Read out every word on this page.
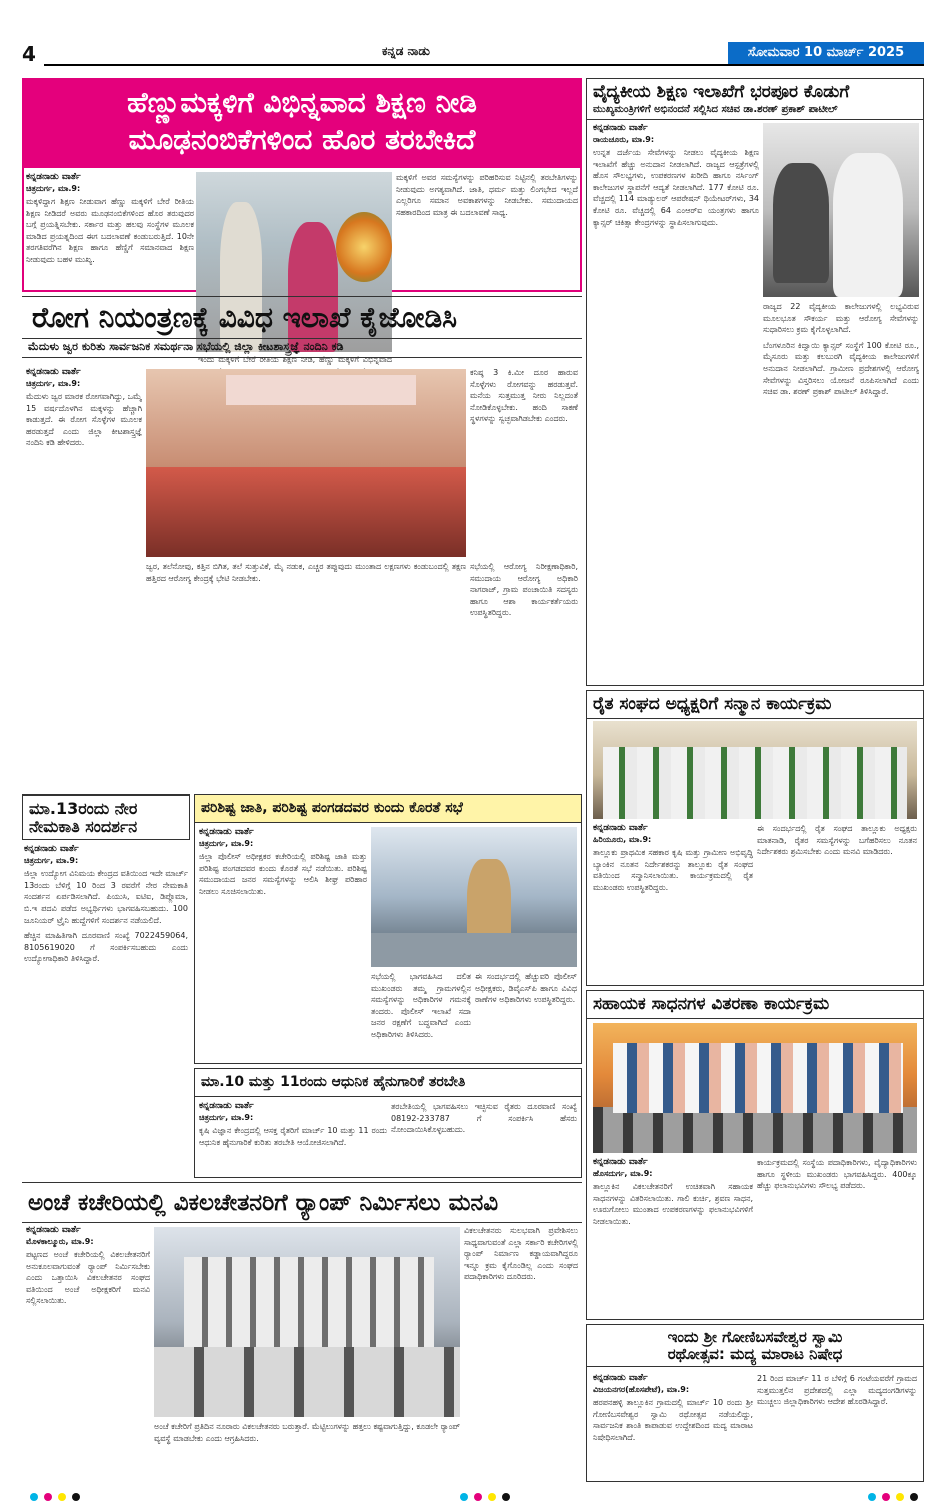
4	ಕನ್ನಡ ನಾಡು	ಸೋಮವಾರ 10 ಮಾರ್ಚ್ 2025
ಹೆಣ್ಣುಮಕ್ಕಳಿಗೆ ವಿಭಿನ್ನವಾದ ಶಿಕ್ಷಣ ನೀಡಿ
ಮೂಢನಂಬಿಕೆಗಳಿಂದ ಹೊರ ತರಬೇಕಿದೆ
ಕನ್ನಡನಾಡು ವಾರ್ತೆ
ಚಿತ್ರದುರ್ಗ, ಮಾ.9:
ಮಕ್ಕಳಿದ್ದಾಗ ಶಿಕ್ಷಣ ನೀಡುವಾಗ ಹೆಣ್ಣು ಮಕ್ಕಳಿಗೆ ಬೇರೆ ರೀತಿಯ ಶಿಕ್ಷಣ ನೀಡಿದರೆ ಅವರು ಮೂಢನಂಬಿಕೆಗಳಿಂದ ಹೊರ ತರುವುದರ ಬಗ್ಗೆ ಪ್ರಯತ್ನಿಸಬೇಕು. ಸರ್ಕಾರ ಮತ್ತು ಹಲವು ಸಂಸ್ಥೆಗಳ ಮೂಲಕ ಮಾಡಿದ ಪ್ರಯತ್ನದಿಂದ ಈಗ ಬದಲಾವಣೆ ಕಂಡುಬರುತ್ತಿದೆ. 10ನೇ ತರಗತಿವರೆಗಿನ ಶಿಕ್ಷಣ ಹಾಗೂ ಹೆಣ್ಣಿಗೆ ಸಮಾನವಾದ ಶಿಕ್ಷಣ ನೀಡುವುದು ಬಹಳ ಮುಖ್ಯ.
ಇಂದು ಮಕ್ಕಳಿಗೆ ಬೇರೆ ರೀತಿಯ ಶಿಕ್ಷಣ ನೀಡಿ, ಹೆಣ್ಣು ಮಕ್ಕಳಿಗೆ ವಿಭಿನ್ನವಾದ
ಮಕ್ಕಳಿಗೆ ಅವರ ಸಮಸ್ಯೆಗಳನ್ನು ಪರಿಹರಿಸುವ ನಿಟ್ಟಿನಲ್ಲಿ ತರಬೇತಿಗಳನ್ನು ನೀಡುವುದು ಅಗತ್ಯವಾಗಿದೆ. ಜಾತಿ, ಧರ್ಮ ಮತ್ತು ಲಿಂಗಭೇದ ಇಲ್ಲದೆ ಎಲ್ಲರಿಗೂ ಸಮಾನ ಅವಕಾಶಗಳನ್ನು ನೀಡಬೇಕು. ಸಮುದಾಯದ ಸಹಕಾರದಿಂದ ಮಾತ್ರ ಈ ಬದಲಾವಣೆ ಸಾಧ್ಯ.
ವೈದ್ಯಕೀಯ ಶಿಕ್ಷಣ ಇಲಾಖೆಗೆ ಭರಪೂರ ಕೊಡುಗೆ
ಮುಖ್ಯಮಂತ್ರಿಗಳಿಗೆ ಅಭಿನಂದನೆ ಸಲ್ಲಿಸಿದ ಸಚಿವ ಡಾ.ಶರಣ್ ಪ್ರಕಾಶ್ ಪಾಟೀಲ್
ಕನ್ನಡನಾಡು ವಾರ್ತೆ
ರಾಯಚೂರು, ಮಾ.9:
ಉನ್ನತ ದರ್ಜೆಯ ಸೇವೆಗಳನ್ನು ನೀಡಲು ವೈದ್ಯಕೀಯ ಶಿಕ್ಷಣ ಇಲಾಖೆಗೆ ಹೆಚ್ಚು ಅನುದಾನ ನೀಡಲಾಗಿದೆ. ರಾಜ್ಯದ ಆಸ್ಪತ್ರೆಗಳಲ್ಲಿ ಹೊಸ ಸೌಲಭ್ಯಗಳು, ಉಪಕರಣಗಳ ಖರೀದಿ ಹಾಗೂ ನರ್ಸಿಂಗ್ ಕಾಲೇಜುಗಳ ಸ್ಥಾಪನೆಗೆ ಆದ್ಯತೆ ನೀಡಲಾಗಿದೆ. 177 ಕೋಟಿ ರೂ. ವೆಚ್ಚದಲ್ಲಿ 114 ಮಾಡ್ಯುಲರ್ ಆಪರೇಷನ್ ಥಿಯೇಟರ್‌ಗಳು, 34 ಕೋಟಿ ರೂ. ವೆಚ್ಚದಲ್ಲಿ 64 ಎಂಆರ್‌ಐ ಯಂತ್ರಗಳು ಹಾಗೂ ಕ್ಯಾನ್ಸರ್ ಚಿಕಿತ್ಸಾ ಕೇಂದ್ರಗಳನ್ನು ಸ್ಥಾಪಿಸಲಾಗುವುದು.
ರಾಜ್ಯದ 22 ವೈದ್ಯಕೀಯ ಕಾಲೇಜುಗಳಲ್ಲಿ ಲಭ್ಯವಿರುವ ಮೂಲಭೂತ ಸೌಕರ್ಯ ಮತ್ತು ಆರೋಗ್ಯ ಸೇವೆಗಳನ್ನು ಸುಧಾರಿಸಲು ಕ್ರಮ ಕೈಗೊಳ್ಳಲಾಗಿದೆ.
ಬೆಂಗಳೂರಿನ ಕಿದ್ವಾಯಿ ಕ್ಯಾನ್ಸರ್ ಸಂಸ್ಥೆಗೆ 100 ಕೋಟಿ ರೂ., ಮೈಸೂರು ಮತ್ತು ಕಲಬುರಗಿ ವೈದ್ಯಕೀಯ ಕಾಲೇಜುಗಳಿಗೆ ಅನುದಾನ ನೀಡಲಾಗಿದೆ. ಗ್ರಾಮೀಣ ಪ್ರದೇಶಗಳಲ್ಲಿ ಆರೋಗ್ಯ ಸೇವೆಗಳನ್ನು ವಿಸ್ತರಿಸಲು ಯೋಜನೆ ರೂಪಿಸಲಾಗಿದೆ ಎಂದು ಸಚಿವ ಡಾ. ಶರಣ್ ಪ್ರಕಾಶ್ ಪಾಟೀಲ್ ತಿಳಿಸಿದ್ದಾರೆ.
ರೋಗ ನಿಯಂತ್ರಣಕ್ಕೆ ವಿವಿಧ ಇಲಾಖೆ ಕೈಜೋಡಿಸಿ
ಮೆದುಳು ಜ್ವರ ಕುರಿತು ಸಾರ್ವಜನಿಕ ಸಮರ್ಥನಾ ಸಭೆಯಲ್ಲಿ ಜಿಲ್ಲಾ ಕೀಟಶಾಸ್ತ್ರಜ್ಞೆ ನಂದಿನಿ ಕಡಿ
ಕನ್ನಡನಾಡು ವಾರ್ತೆ
ಚಿತ್ರದುರ್ಗ, ಮಾ.9:
ಮೆದುಳು ಜ್ವರ ಮಾರಕ ರೋಗವಾಗಿದ್ದು, ಒಮ್ಮೆ 15 ವರ್ಷದೊಳಗಿನ ಮಕ್ಕಳನ್ನು ಹೆಚ್ಚಾಗಿ ಕಾಡುತ್ತದೆ. ಈ ರೋಗ ಸೊಳ್ಳೆಗಳ ಮೂಲಕ ಹರಡುತ್ತದೆ ಎಂದು ಜಿಲ್ಲಾ ಕೀಟಶಾಸ್ತ್ರಜ್ಞೆ ನಂದಿನಿ ಕಡಿ ಹೇಳಿದರು.
ಕನಿಷ್ಠ 3 ಕಿ.ಮೀ ದೂರ ಹಾರುವ ಸೊಳ್ಳೆಗಳು ರೋಗವನ್ನು ಹರಡುತ್ತವೆ. ಮನೆಯ ಸುತ್ತಮುತ್ತ ನೀರು ನಿಲ್ಲದಂತೆ ನೋಡಿಕೊಳ್ಳಬೇಕು. ಹಂದಿ ಸಾಕಣೆ ಸ್ಥಳಗಳನ್ನು ಸ್ವಚ್ಛವಾಗಿಡಬೇಕು ಎಂದರು.
ಜ್ವರ, ತಲೆನೋವು, ಕತ್ತಿನ ಬಿಗಿತ, ತಲೆ ಸುತ್ತುವಿಕೆ, ಮೈ ನಡುಕ, ಎಚ್ಚರ ತಪ್ಪುವುದು ಮುಂತಾದ ಲಕ್ಷಣಗಳು ಕಂಡುಬಂದಲ್ಲಿ ತಕ್ಷಣ ಹತ್ತಿರದ ಆರೋಗ್ಯ ಕೇಂದ್ರಕ್ಕೆ ಭೇಟಿ ನೀಡಬೇಕು.
ಸಭೆಯಲ್ಲಿ ಆರೋಗ್ಯ ನಿರೀಕ್ಷಣಾಧಿಕಾರಿ, ಸಮುದಾಯ ಆರೋಗ್ಯ ಅಧಿಕಾರಿ ನಾಗರಾಜ್, ಗ್ರಾಮ ಪಂಚಾಯಿತಿ ಸದಸ್ಯರು ಹಾಗೂ ಆಶಾ ಕಾರ್ಯಕರ್ತೆಯರು ಉಪಸ್ಥಿತರಿದ್ದರು.
ರೈತ ಸಂಘದ ಅಧ್ಯಕ್ಷರಿಗೆ ಸನ್ಮಾನ ಕಾರ್ಯಕ್ರಮ
ಕನ್ನಡನಾಡು ವಾರ್ತೆ
ಹಿರಿಯೂರು, ಮಾ.9:
ತಾಲ್ಲೂಕು ಪ್ರಾಥಮಿಕ ಸಹಕಾರ ಕೃಷಿ ಮತ್ತು ಗ್ರಾಮೀಣ ಅಭಿವೃದ್ಧಿ ಬ್ಯಾಂಕಿನ ನೂತನ ನಿರ್ದೇಶಕರನ್ನು ತಾಲ್ಲೂಕು ರೈತ ಸಂಘದ ವತಿಯಿಂದ ಸನ್ಮಾನಿಸಲಾಯಿತು. ಕಾರ್ಯಕ್ರಮದಲ್ಲಿ ರೈತ ಮುಖಂಡರು ಉಪಸ್ಥಿತರಿದ್ದರು.
ಈ ಸಂದರ್ಭದಲ್ಲಿ ರೈತ ಸಂಘದ ತಾಲ್ಲೂಕು ಅಧ್ಯಕ್ಷರು ಮಾತನಾಡಿ, ರೈತರ ಸಮಸ್ಯೆಗಳನ್ನು ಬಗೆಹರಿಸಲು ನೂತನ ನಿರ್ದೇಶಕರು ಶ್ರಮಿಸಬೇಕು ಎಂದು ಮನವಿ ಮಾಡಿದರು.
ಮಾ.13ರಂದು ನೇರ
ನೇಮಕಾತಿ ಸಂದರ್ಶನ
ಕನ್ನಡನಾಡು ವಾರ್ತೆ
ಚಿತ್ರದುರ್ಗ, ಮಾ.9:
ಜಿಲ್ಲಾ ಉದ್ಯೋಗ ವಿನಿಮಯ ಕೇಂದ್ರದ ವತಿಯಿಂದ ಇದೇ ಮಾರ್ಚ್ 13ರಂದು ಬೆಳಿಗ್ಗೆ 10 ರಿಂದ 3 ರವರೆಗೆ ನೇರ ನೇಮಕಾತಿ ಸಂದರ್ಶನ ಏರ್ಪಡಿಸಲಾಗಿದೆ. ಪಿಯುಸಿ, ಐಟಿಐ, ಡಿಪ್ಲೊಮಾ, ಬಿ.ಇ ಪದವಿ ಪಡೆದ ಅಭ್ಯರ್ಥಿಗಳು ಭಾಗವಹಿಸಬಹುದು. 100 ಜೂನಿಯರ್ ಟ್ರೈನಿ ಹುದ್ದೆಗಳಿಗೆ ಸಂದರ್ಶನ ನಡೆಯಲಿದೆ.
ಹೆಚ್ಚಿನ ಮಾಹಿತಿಗಾಗಿ ದೂರವಾಣಿ ಸಂಖ್ಯೆ 7022459064, 8105619020 ಗೆ ಸಂಪರ್ಕಿಸಬಹುದು ಎಂದು ಉದ್ಯೋಗಾಧಿಕಾರಿ ತಿಳಿಸಿದ್ದಾರೆ.
ಪರಿಶಿಷ್ಟ ಜಾತಿ, ಪರಿಶಿಷ್ಟ ಪಂಗಡದವರ ಕುಂದು ಕೊರತೆ ಸಭೆ
ಕನ್ನಡನಾಡು ವಾರ್ತೆ
ಚಿತ್ರದುರ್ಗ, ಮಾ.9:
ಜಿಲ್ಲಾ ಪೊಲೀಸ್ ಅಧೀಕ್ಷಕರ ಕಚೇರಿಯಲ್ಲಿ ಪರಿಶಿಷ್ಟ ಜಾತಿ ಮತ್ತು ಪರಿಶಿಷ್ಟ ಪಂಗಡದವರ ಕುಂದು ಕೊರತೆ ಸಭೆ ನಡೆಯಿತು. ಪರಿಶಿಷ್ಟ ಸಮುದಾಯದ ಜನರ ಸಮಸ್ಯೆಗಳನ್ನು ಆಲಿಸಿ ಶೀಘ್ರ ಪರಿಹಾರ ನೀಡಲು ಸೂಚಿಸಲಾಯಿತು.
ಸಭೆಯಲ್ಲಿ ಭಾಗವಹಿಸಿದ ದಲಿತ ಮುಖಂಡರು ತಮ್ಮ ಗ್ರಾಮಗಳಲ್ಲಿನ ಸಮಸ್ಯೆಗಳನ್ನು ಅಧಿಕಾರಿಗಳ ಗಮನಕ್ಕೆ ತಂದರು. ಪೊಲೀಸ್ ಇಲಾಖೆ ಸದಾ ಜನರ ರಕ್ಷಣೆಗೆ ಬದ್ಧವಾಗಿದೆ ಎಂದು ಅಧಿಕಾರಿಗಳು ತಿಳಿಸಿದರು.
ಈ ಸಂದರ್ಭದಲ್ಲಿ ಹೆಚ್ಚುವರಿ ಪೊಲೀಸ್ ಅಧೀಕ್ಷಕರು, ಡಿವೈಎಸ್‌ಪಿ ಹಾಗೂ ವಿವಿಧ ಠಾಣೆಗಳ ಅಧಿಕಾರಿಗಳು ಉಪಸ್ಥಿತರಿದ್ದರು.
ಮಾ.10 ಮತ್ತು 11ರಂದು ಆಧುನಿಕ ಹೈನುಗಾರಿಕೆ ತರಬೇತಿ
ಕನ್ನಡನಾಡು ವಾರ್ತೆ
ಚಿತ್ರದುರ್ಗ, ಮಾ.9:
ಕೃಷಿ ವಿಜ್ಞಾನ ಕೇಂದ್ರದಲ್ಲಿ ಆಸಕ್ತ ರೈತರಿಗೆ ಮಾರ್ಚ್ 10 ಮತ್ತು 11 ರಂದು ಆಧುನಿಕ ಹೈನುಗಾರಿಕೆ ಕುರಿತು ತರಬೇತಿ ಆಯೋಜಿಸಲಾಗಿದೆ.
ತರಬೇತಿಯಲ್ಲಿ ಭಾಗವಹಿಸಲು ಇಚ್ಛಿಸುವ ರೈತರು ದೂರವಾಣಿ ಸಂಖ್ಯೆ 08192-233787 ಗೆ ಸಂಪರ್ಕಿಸಿ ಹೆಸರು ನೋಂದಾಯಿಸಿಕೊಳ್ಳಬಹುದು.
ಸಹಾಯಕ ಸಾಧನಗಳ ವಿತರಣಾ ಕಾರ್ಯಕ್ರಮ
ಕನ್ನಡನಾಡು ವಾರ್ತೆ
ಹೊಸದುರ್ಗ, ಮಾ.9:
ತಾಲ್ಲೂಕಿನ ವಿಕಲಚೇತನರಿಗೆ ಉಚಿತವಾಗಿ ಸಹಾಯಕ ಸಾಧನಗಳನ್ನು ವಿತರಿಸಲಾಯಿತು. ಗಾಲಿ ಕುರ್ಚಿ, ಶ್ರವಣ ಸಾಧನ, ಊರುಗೋಲು ಮುಂತಾದ ಉಪಕರಣಗಳನ್ನು ಫಲಾನುಭವಿಗಳಿಗೆ ನೀಡಲಾಯಿತು.
ಕಾರ್ಯಕ್ರಮದಲ್ಲಿ ಸಂಸ್ಥೆಯ ಪದಾಧಿಕಾರಿಗಳು, ವೈದ್ಯಾಧಿಕಾರಿಗಳು ಹಾಗೂ ಸ್ಥಳೀಯ ಮುಖಂಡರು ಭಾಗವಹಿಸಿದ್ದರು. 400ಕ್ಕೂ ಹೆಚ್ಚು ಫಲಾನುಭವಿಗಳು ಸೌಲಭ್ಯ ಪಡೆದರು.
ಅಂಚೆ ಕಚೇರಿಯಲ್ಲಿ ವಿಕಲಚೇತನರಿಗೆ ರ್‍ಯಾಂಪ್ ನಿರ್ಮಿಸಲು ಮನವಿ
ಕನ್ನಡನಾಡು ವಾರ್ತೆ
ಮೊಳಕಾಲ್ಮೂರು, ಮಾ.9:
ಪಟ್ಟಣದ ಅಂಚೆ ಕಚೇರಿಯಲ್ಲಿ ವಿಕಲಚೇತನರಿಗೆ ಅನುಕೂಲವಾಗುವಂತೆ ರ್‍ಯಾಂಪ್ ನಿರ್ಮಿಸಬೇಕು ಎಂದು ಒತ್ತಾಯಿಸಿ ವಿಕಲಚೇತನರ ಸಂಘದ ವತಿಯಿಂದ ಅಂಚೆ ಅಧೀಕ್ಷಕರಿಗೆ ಮನವಿ ಸಲ್ಲಿಸಲಾಯಿತು.
ಅಂಚೆ ಕಚೇರಿಗೆ ಪ್ರತಿದಿನ ನೂರಾರು ವಿಕಲಚೇತನರು ಬರುತ್ತಾರೆ. ಮೆಟ್ಟಿಲುಗಳನ್ನು ಹತ್ತಲು ಕಷ್ಟವಾಗುತ್ತಿದ್ದು, ಕೂಡಲೇ ರ್‍ಯಾಂಪ್ ವ್ಯವಸ್ಥೆ ಮಾಡಬೇಕು ಎಂದು ಆಗ್ರಹಿಸಿದರು.
ವಿಕಲಚೇತನರು ಸುಲಭವಾಗಿ ಪ್ರವೇಶಿಸಲು ಸಾಧ್ಯವಾಗುವಂತೆ ಎಲ್ಲಾ ಸರ್ಕಾರಿ ಕಚೇರಿಗಳಲ್ಲಿ ರ್‍ಯಾಂಪ್ ನಿರ್ಮಾಣ ಕಡ್ಡಾಯವಾಗಿದ್ದರೂ ಇನ್ನೂ ಕ್ರಮ ಕೈಗೊಂಡಿಲ್ಲ ಎಂದು ಸಂಘದ ಪದಾಧಿಕಾರಿಗಳು ದೂರಿದರು.
ಇಂದು ಶ್ರೀ ಗೋಣಿಬಸವೇಶ್ವರ ಸ್ವಾಮಿ
ರಥೋತ್ಸವ: ಮದ್ಯ ಮಾರಾಟ ನಿಷೇಧ
ಕನ್ನಡನಾಡು ವಾರ್ತೆ
ವಿಜಯನಗರ(ಹೊಸಪೇಟೆ), ಮಾ.9:
ಹರಪನಹಳ್ಳಿ ತಾಲ್ಲೂಕಿನ ಗ್ರಾಮದಲ್ಲಿ ಮಾರ್ಚ್ 10 ರಂದು ಶ್ರೀ ಗೋಣಿಬಸವೇಶ್ವರ ಸ್ವಾಮಿ ರಥೋತ್ಸವ ನಡೆಯಲಿದ್ದು, ಸಾರ್ವಜನಿಕ ಶಾಂತಿ ಕಾಪಾಡುವ ಉದ್ದೇಶದಿಂದ ಮದ್ಯ ಮಾರಾಟ ನಿಷೇಧಿಸಲಾಗಿದೆ.
21 ರಿಂದ ಮಾರ್ಚ್ 11 ರ ಬೆಳಿಗ್ಗೆ 6 ಗಂಟೆಯವರೆಗೆ ಗ್ರಾಮದ ಸುತ್ತಮುತ್ತಲಿನ ಪ್ರದೇಶದಲ್ಲಿ ಎಲ್ಲಾ ಮದ್ಯದಂಗಡಿಗಳನ್ನು ಮುಚ್ಚಲು ಜಿಲ್ಲಾಧಿಕಾರಿಗಳು ಆದೇಶ ಹೊರಡಿಸಿದ್ದಾರೆ.
